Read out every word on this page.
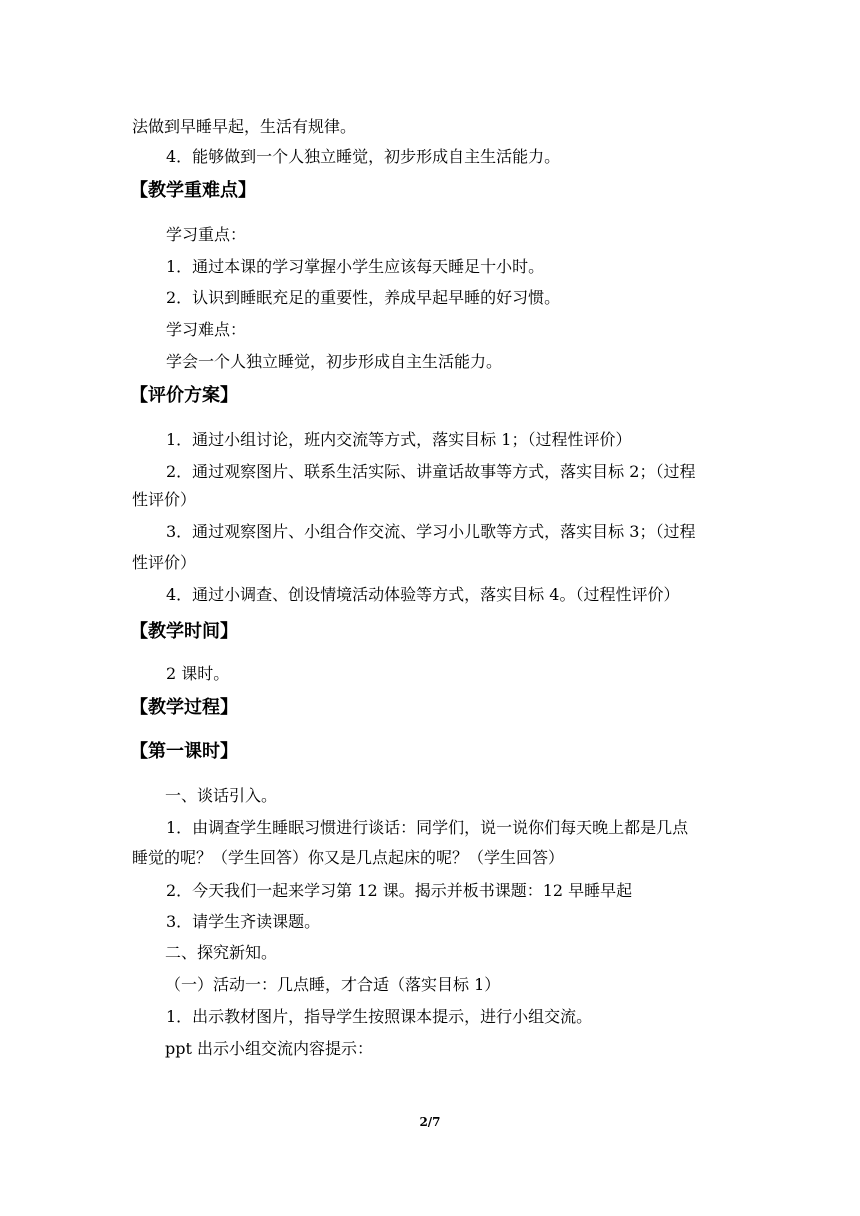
法做到早睡早起，生活有规律。
4．能够做到一个人独立睡觉，初步形成自主生活能力。
【教学重难点】
学习重点：
1．通过本课的学习掌握小学生应该每天睡足十小时。
2．认识到睡眠充足的重要性，养成早起早睡的好习惯。
学习难点：
学会一个人独立睡觉，初步形成自主生活能力。
【评价方案】
1．通过小组讨论，班内交流等方式，落实目标 1；（过程性评价）
2．通过观察图片、联系生活实际、讲童话故事等方式，落实目标 2；（过程
性评价）
3．通过观察图片、小组合作交流、学习小儿歌等方式，落实目标 3；（过程
性评价）
4．通过小调查、创设情境活动体验等方式，落实目标 4。（过程性评价）
【教学时间】
2 课时。
【教学过程】
【第一课时】
一、谈话引入。
1．由调查学生睡眠习惯进行谈话：同学们，说一说你们每天晚上都是几点
睡觉的呢？（学生回答）你又是几点起床的呢？（学生回答）
2．今天我们一起来学习第 12 课。揭示并板书课题：12 早睡早起
3．请学生齐读课题。
二、探究新知。
（一）活动一：几点睡，才合适（落实目标 1）
1．出示教材图片，指导学生按照课本提示，进行小组交流。
ppt 出示小组交流内容提示：
2/7
